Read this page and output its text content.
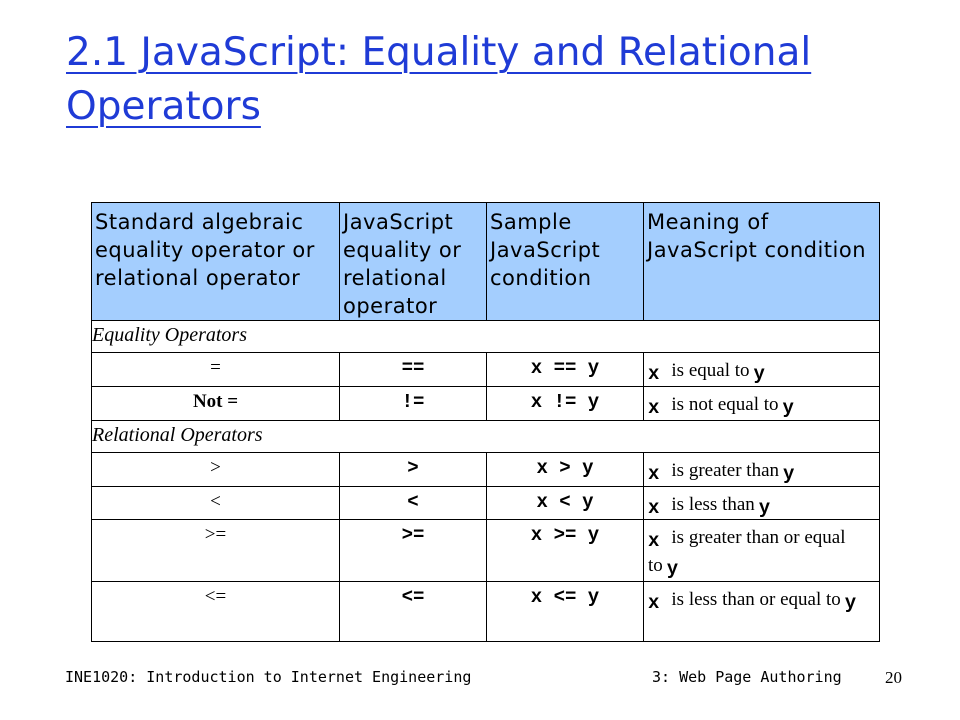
2.1 JavaScript: Equality and Relational Operators
Standard algebraic equality operator or relational operator	JavaScript equality or relational operator	Sample JavaScript condition	Meaning of JavaScript condition
Equality Operators			
=	==	x == y	x is equal to y
Not =	!=	x != y	x is not equal to y
Relational Operators			
>	>	x > y	x is greater than y
<	<	x < y	x is less than y
>=	>=	x >= y	x is greater than or equal to y
<=	<=	x <= y	x is less than or equal to y
INE1020: Introduction to Internet Engineering	3: Web Page Authoring	20
